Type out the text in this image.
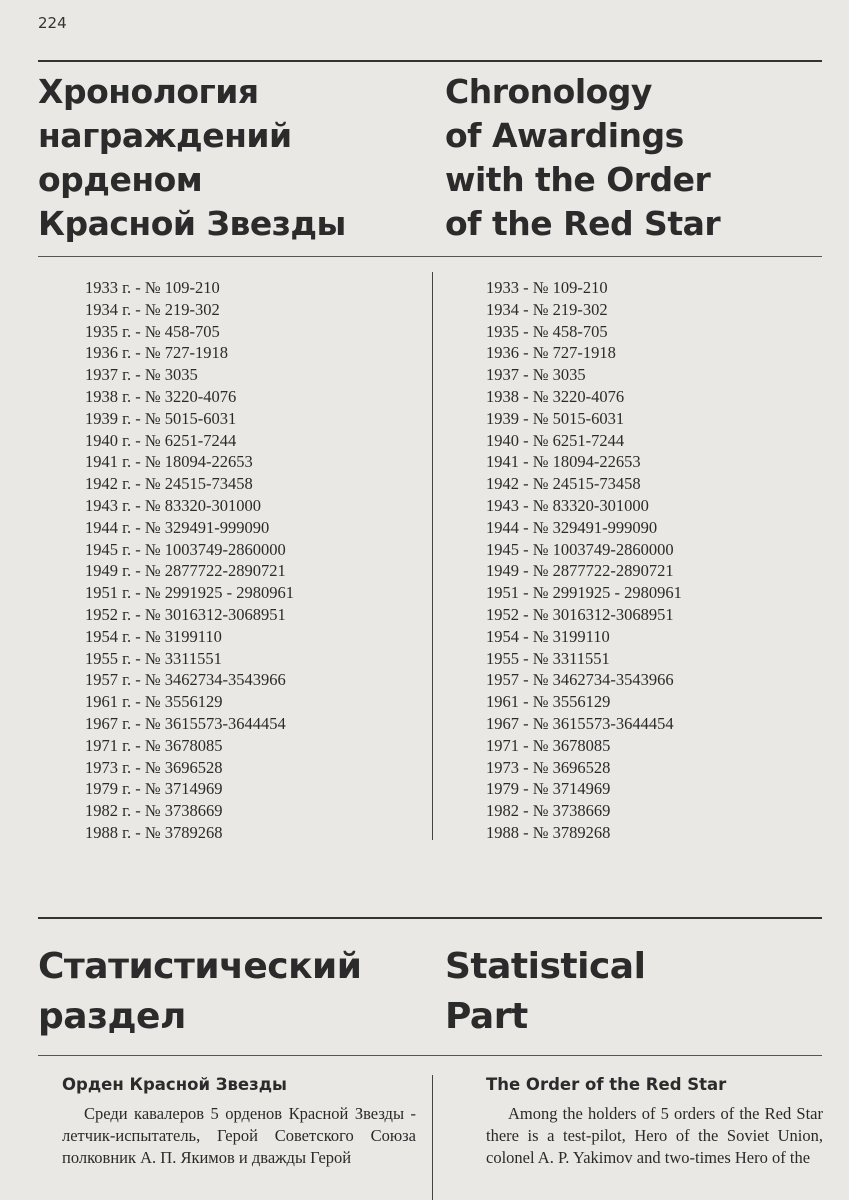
224
Хронология
награждений
орденом
Красной Звезды
Chronology
of Awardings
with the Order
of the Red Star
1933 г. - № 109-210
1934 г. - № 219-302
1935 г. - № 458-705
1936 г. - № 727-1918
1937 г. - № 3035
1938 г. - № 3220-4076
1939 г. - № 5015-6031
1940 г. - № 6251-7244
1941 г. - № 18094-22653
1942 г. - № 24515-73458
1943 г. - № 83320-301000
1944 г. - № 329491-999090
1945 г. - № 1003749-2860000
1949 г. - № 2877722-2890721
1951 г. - № 2991925 - 2980961
1952 г. - № 3016312-3068951
1954 г. - № 3199110
1955 г. - № 3311551
1957 г. - № 3462734-3543966
1961 г. - № 3556129
1967 г. - № 3615573-3644454
1971 г. - № 3678085
1973 г. - № 3696528
1979 г. - № 3714969
1982 г. - № 3738669
1988 г. - № 3789268
1933 - № 109-210
1934 - № 219-302
1935 - № 458-705
1936 - № 727-1918
1937 - № 3035
1938 - № 3220-4076
1939 - № 5015-6031
1940 - № 6251-7244
1941 - № 18094-22653
1942 - № 24515-73458
1943 - № 83320-301000
1944 - № 329491-999090
1945 - № 1003749-2860000
1949 - № 2877722-2890721
1951 - № 2991925 - 2980961
1952 - № 3016312-3068951
1954 - № 3199110
1955 - № 3311551
1957 - № 3462734-3543966
1961 - № 3556129
1967 - № 3615573-3644454
1971 - № 3678085
1973 - № 3696528
1979 - № 3714969
1982 - № 3738669
1988 - № 3789268
Статистический
раздел
Statistical
Part
Орден Красной Звезды	The Order of the Red Star

Среди кавалеров 5 орденов Красной Звезды - летчик-испытатель, Герой Советского Союза полковник А. П. Якимов и дважды Герой

Among the holders of 5 orders of the Red Star there is a test-pilot, Hero of the Soviet Union, colonel A. P. Yakimov and two-times Hero of the
